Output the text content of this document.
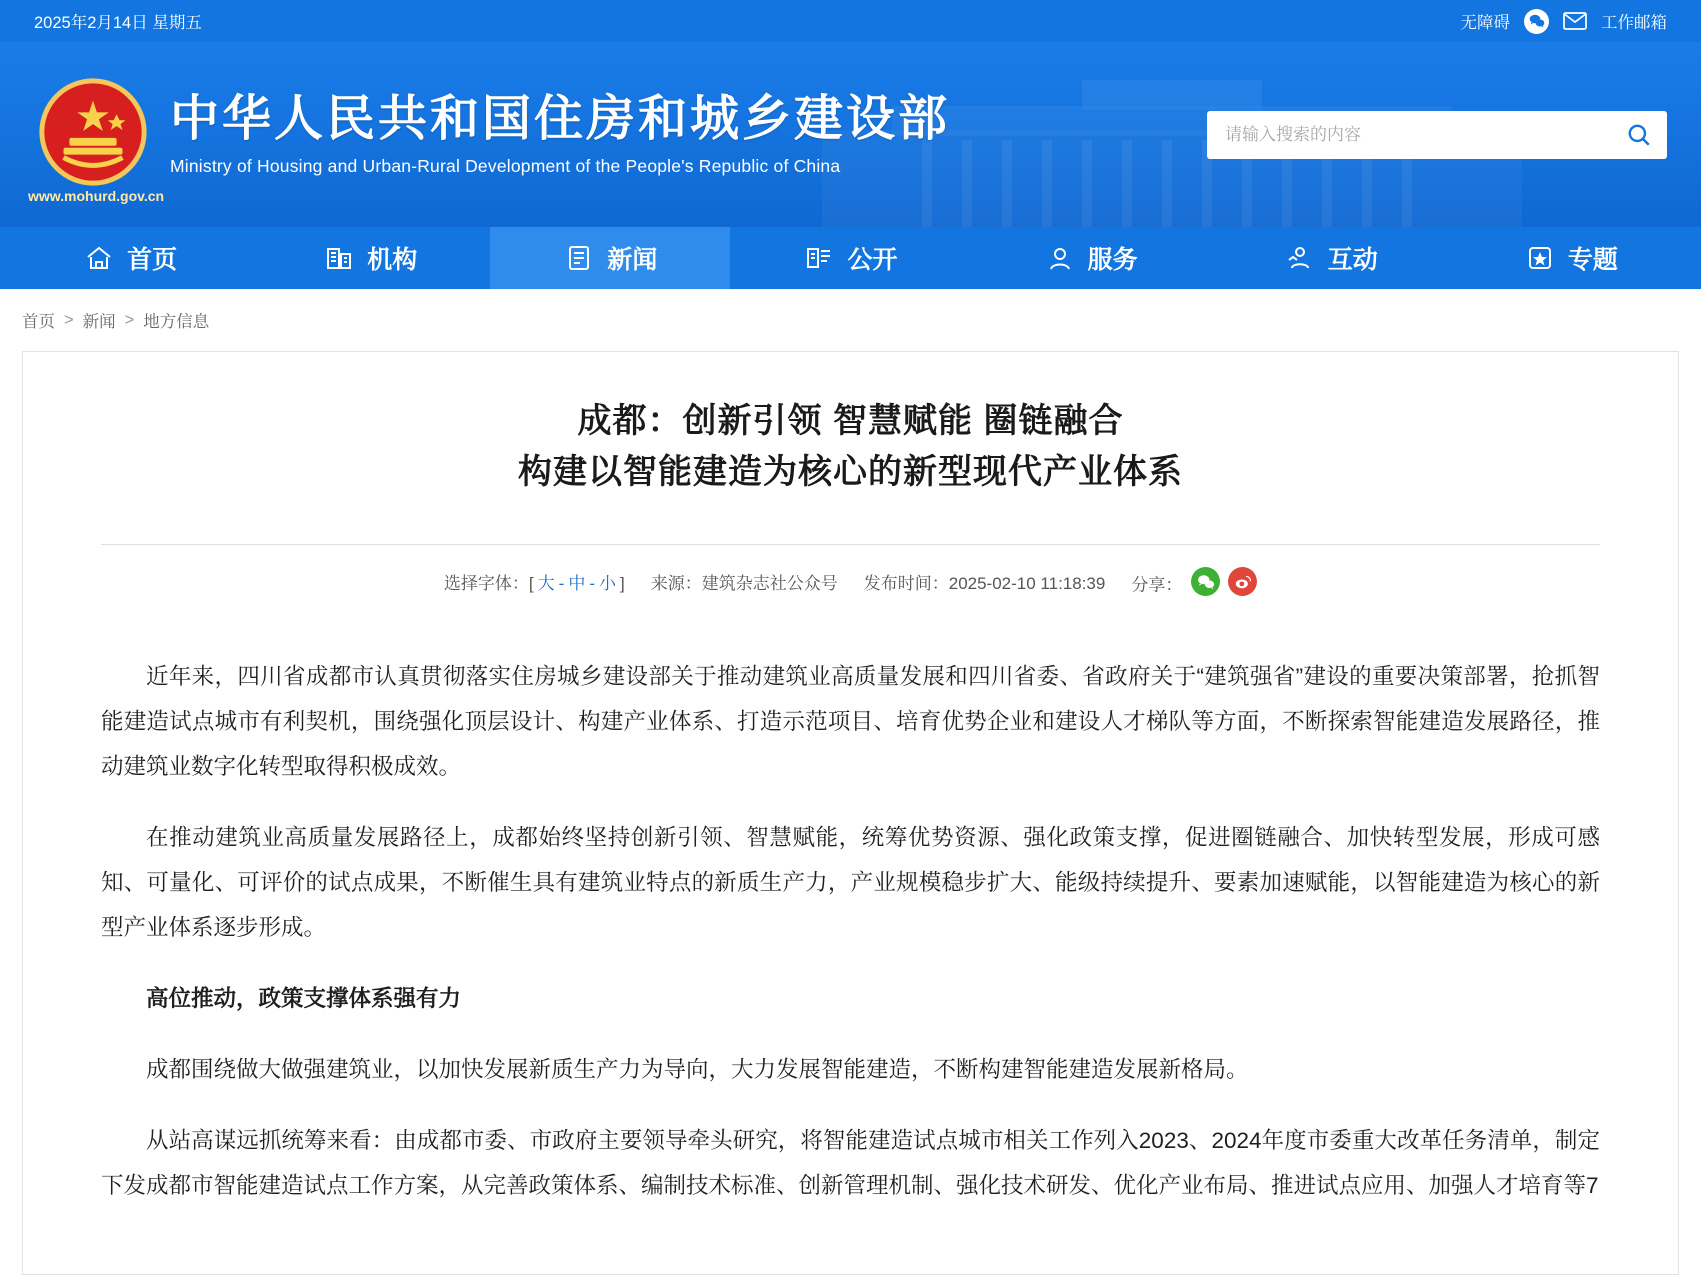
2025年2月14日 星期五	无障碍	工作邮箱
中华人民共和国住房和城乡建设部
Ministry of Housing and Urban-Rural Development of the People's Republic of China
www.mohurd.gov.cn
请输入搜索的内容
首页	机构	新闻	公开	服务	互动	专题
首页 > 新闻 > 地方信息
成都：创新引领 智慧赋能 圈链融合
构建以智能建造为核心的新型现代产业体系
选择字体：[ 大 - 中 - 小 ] 来源：建筑杂志社公众号 发布时间：2025-02-10 11:18:39 分享：

近年来，四川省成都市认真贯彻落实住房城乡建设部关于推动建筑业高质量发展和四川省委、省政府关于“建筑强省”建设的重要决策部署，抢抓智能建造试点城市有利契机，围绕强化顶层设计、构建产业体系、打造示范项目、培育优势企业和建设人才梯队等方面，不断探索智能建造发展路径，推动建筑业数字化转型取得积极成效。

在推动建筑业高质量发展路径上，成都始终坚持创新引领、智慧赋能，统筹优势资源、强化政策支撑，促进圈链融合、加快转型发展，形成可感知、可量化、可评价的试点成果，不断催生具有建筑业特点的新质生产力，产业规模稳步扩大、能级持续提升、要素加速赋能，以智能建造为核心的新型产业体系逐步形成。

高位推动，政策支撑体系强有力

成都围绕做大做强建筑业，以加快发展新质生产力为导向，大力发展智能建造，不断构建智能建造发展新格局。

从站高谋远抓统筹来看：由成都市委、市政府主要领导牵头研究，将智能建造试点城市相关工作列入2023、2024年度市委重大改革任务清单，制定下发成都市智能建造试点工作方案，从完善政策体系、编制技术标准、创新管理机制、强化技术研发、优化产业布局、推进试点应用、加强人才培育等7
